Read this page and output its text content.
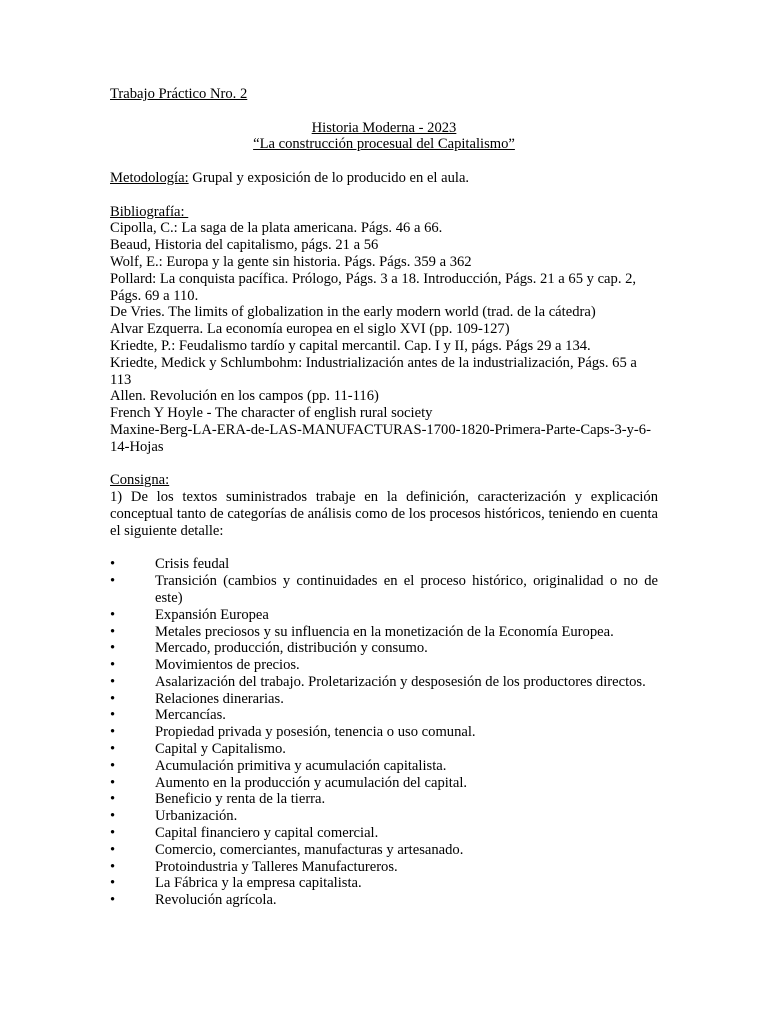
Trabajo Práctico Nro. 2

Historia Moderna - 2023

“La construcción procesual del Capitalismo”

Metodología: Grupal y exposición de lo producido en el aula.

Bibliografía:

Cipolla, C.: La saga de la plata americana. Págs. 46 a 66.
Beaud, Historia del capitalismo, págs. 21 a 56
Wolf, E.: Europa y la gente sin historia. Págs. Págs. 359 a 362
Pollard: La conquista pacífica. Prólogo, Págs. 3 a 18. Introducción, Págs. 21 a 65 y cap. 2, Págs. 69 a 110.
De Vries. The limits of globalization in the early modern world (trad. de la cátedra)
Alvar Ezquerra. La economía europea en el siglo XVI (pp. 109-127)
Kriedte, P.: Feudalismo tardío y capital mercantil. Cap. I y II, págs. Págs 29 a 134.
Kriedte, Medick y Schlumbohm: Industrialización antes de la industrialización, Págs. 65 a 113
Allen. Revolución en los campos (pp. 11-116)
French Y Hoyle - The character of english rural society
Maxine-Berg-LA-ERA-de-LAS-MANUFACTURAS-1700-1820-Primera-Parte-Caps-3-y-6-14-Hojas

Consigna:

1) De los textos suministrados trabaje en la definición, caracterización y explicación conceptual tanto de categorías de análisis como de los procesos históricos, teniendo en cuenta el siguiente detalle:

•	Crisis feudal
•	Transición (cambios y continuidades en el proceso histórico, originalidad o no de este)
•	Expansión Europea
•	Metales preciosos y su influencia en la monetización de la Economía Europea.
•	Mercado, producción, distribución y consumo.
•	Movimientos de precios.
•	Asalarización del trabajo. Proletarización y desposesión de los productores directos.
•	Relaciones dinerarias.
•	Mercancías.
•	Propiedad privada y posesión, tenencia o uso comunal.
•	Capital y Capitalismo.
•	Acumulación primitiva y acumulación capitalista.
•	Aumento en la producción y acumulación del capital.
•	Beneficio y renta de la tierra.
•	Urbanización.
•	Capital financiero y capital comercial.
•	Comercio, comerciantes, manufacturas y artesanado.
•	Protoindustria y Talleres Manufactureros.
•	La Fábrica y la empresa capitalista.
•	Revolución agrícola.
